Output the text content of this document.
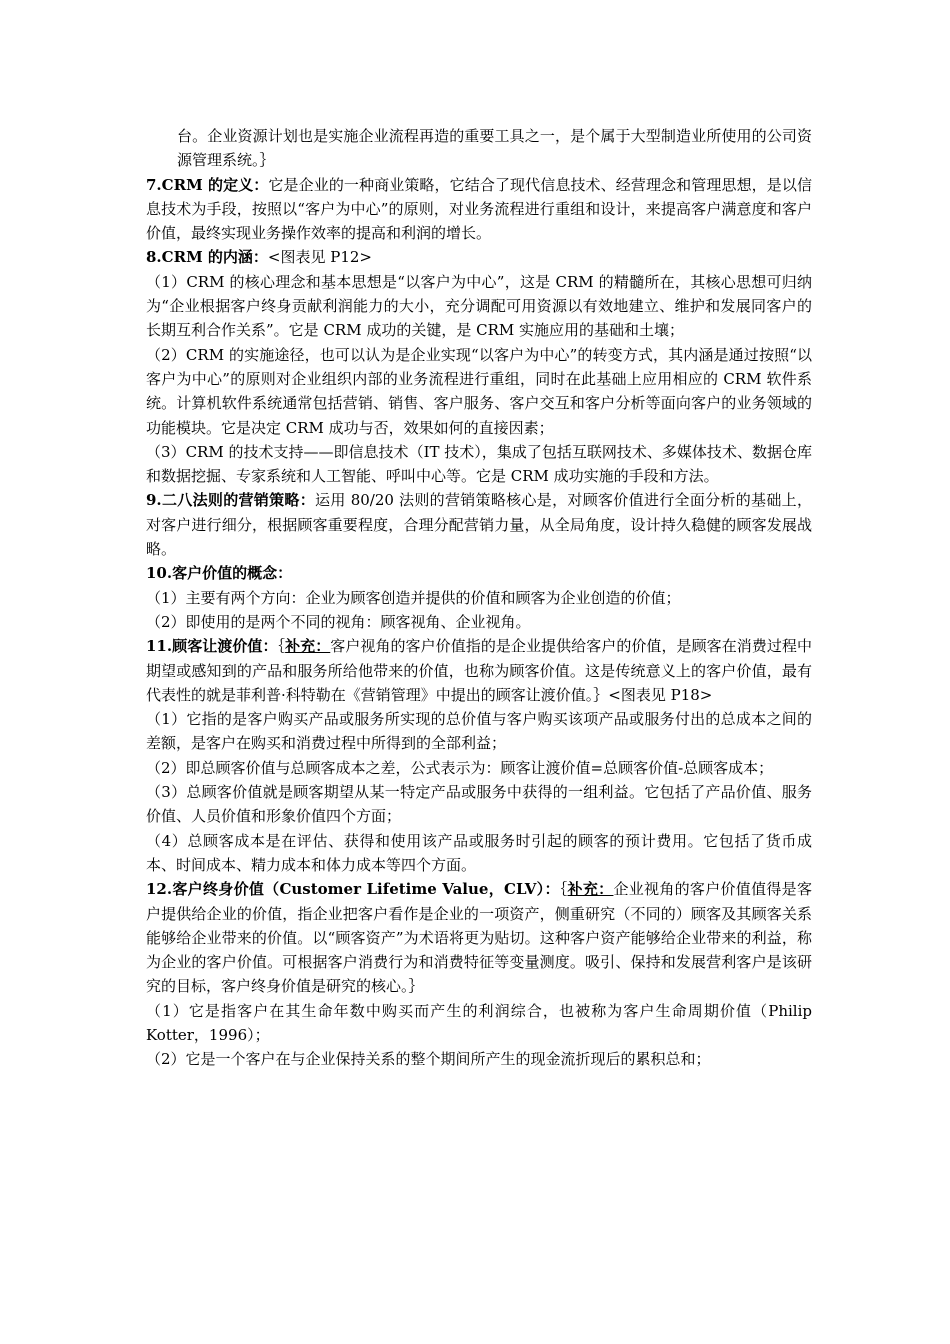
台。企业资源计划也是实施企业流程再造的重要工具之一，是个属于大型制造业所使用的公司资源管理系统。｝

7.CRM 的定义：它是企业的一种商业策略，它结合了现代信息技术、经营理念和管理思想，是以信息技术为手段，按照以“客户为中心”的原则，对业务流程进行重组和设计，来提高客户满意度和客户价值，最终实现业务操作效率的提高和利润的增长。

8.CRM 的内涵：<图表见 P12>

（1）CRM 的核心理念和基本思想是“以客户为中心”，这是 CRM 的精髓所在，其核心思想可归纳为“企业根据客户终身贡献利润能力的大小，充分调配可用资源以有效地建立、维护和发展同客户的长期互利合作关系”。它是 CRM 成功的关键，是 CRM 实施应用的基础和土壤；

（2）CRM 的实施途径，也可以认为是企业实现“以客户为中心”的转变方式，其内涵是通过按照“以客户为中心”的原则对企业组织内部的业务流程进行重组，同时在此基础上应用相应的 CRM 软件系统。计算机软件系统通常包括营销、销售、客户服务、客户交互和客户分析等面向客户的业务领域的功能模块。它是决定 CRM 成功与否，效果如何的直接因素；

（3）CRM 的技术支持——即信息技术（IT 技术），集成了包括互联网技术、多媒体技术、数据仓库和数据挖掘、专家系统和人工智能、呼叫中心等。它是 CRM 成功实施的手段和方法。

9.二八法则的营销策略：运用 80/20 法则的营销策略核心是，对顾客价值进行全面分析的基础上，对客户进行细分，根据顾客重要程度，合理分配营销力量，从全局角度，设计持久稳健的顾客发展战略。

10.客户价值的概念：

（1）主要有两个方向：企业为顾客创造并提供的价值和顾客为企业创造的价值；

（2）即使用的是两个不同的视角：顾客视角、企业视角。

11.顾客让渡价值：｛补充：客户视角的客户价值指的是企业提供给客户的价值，是顾客在消费过程中期望或感知到的产品和服务所给他带来的价值，也称为顾客价值。这是传统意义上的客户价值，最有代表性的就是菲利普·科特勒在《营销管理》中提出的顾客让渡价值。｝<图表见 P18>

（1）它指的是客户购买产品或服务所实现的总价值与客户购买该项产品或服务付出的总成本之间的差额，是客户在购买和消费过程中所得到的全部利益；

（2）即总顾客价值与总顾客成本之差，公式表示为：顾客让渡价值=总顾客价值-总顾客成本；

（3）总顾客价值就是顾客期望从某一特定产品或服务中获得的一组利益。它包括了产品价值、服务价值、人员价值和形象价值四个方面；

（4）总顾客成本是在评估、获得和使用该产品或服务时引起的顾客的预计费用。它包括了货币成本、时间成本、精力成本和体力成本等四个方面。

12.客户终身价值（Customer Lifetime Value，CLV）：｛补充：企业视角的客户价值值得是客户提供给企业的价值，指企业把客户看作是企业的一项资产，侧重研究（不同的）顾客及其顾客关系能够给企业带来的价值。以“顾客资产”为术语将更为贴切。这种客户资产能够给企业带来的利益，称为企业的客户价值。可根据客户消费行为和消费特征等变量测度。吸引、保持和发展营利客户是该研究的目标，客户终身价值是研究的核心。｝

（1）它是指客户在其生命年数中购买而产生的利润综合，也被称为客户生命周期价值（Philip Kotter，1996）；

（2）它是一个客户在与企业保持关系的整个期间所产生的现金流折现后的累积总和；
